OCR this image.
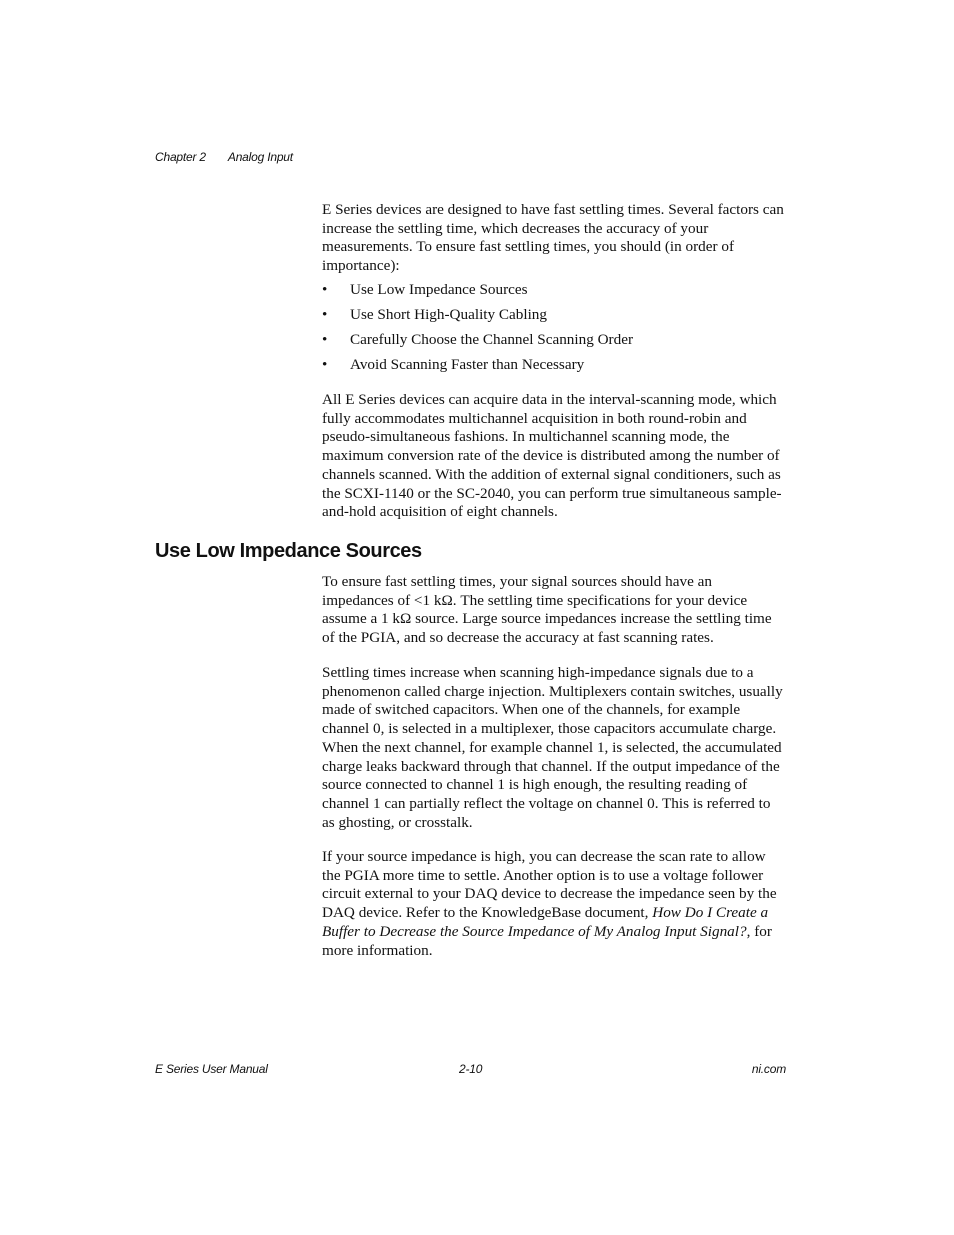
Chapter 2 Analog Input

E Series devices are designed to have fast settling times. Several factors can increase the settling time, which decreases the accuracy of your measurements. To ensure fast settling times, you should (in order of importance):

• Use Low Impedance Sources
• Use Short High-Quality Cabling
• Carefully Choose the Channel Scanning Order
• Avoid Scanning Faster than Necessary

All E Series devices can acquire data in the interval-scanning mode, which fully accommodates multichannel acquisition in both round-robin and pseudo-simultaneous fashions. In multichannel scanning mode, the maximum conversion rate of the device is distributed among the number of channels scanned. With the addition of external signal conditioners, such as the SCXI-1140 or the SC-2040, you can perform true simultaneous sample-and-hold acquisition of eight channels.

Use Low Impedance Sources

To ensure fast settling times, your signal sources should have an impedances of <1 kΩ. The settling time specifications for your device assume a 1 kΩ source. Large source impedances increase the settling time of the PGIA, and so decrease the accuracy at fast scanning rates.

Settling times increase when scanning high-impedance signals due to a phenomenon called charge injection. Multiplexers contain switches, usually made of switched capacitors. When one of the channels, for example channel 0, is selected in a multiplexer, those capacitors accumulate charge. When the next channel, for example channel 1, is selected, the accumulated charge leaks backward through that channel. If the output impedance of the source connected to channel 1 is high enough, the resulting reading of channel 1 can partially reflect the voltage on channel 0. This is referred to as ghosting, or crosstalk.

If your source impedance is high, you can decrease the scan rate to allow the PGIA more time to settle. Another option is to use a voltage follower circuit external to your DAQ device to decrease the impedance seen by the DAQ device. Refer to the KnowledgeBase document, How Do I Create a Buffer to Decrease the Source Impedance of My Analog Input Signal?, for more information.

E Series User Manual	2-10	ni.com
